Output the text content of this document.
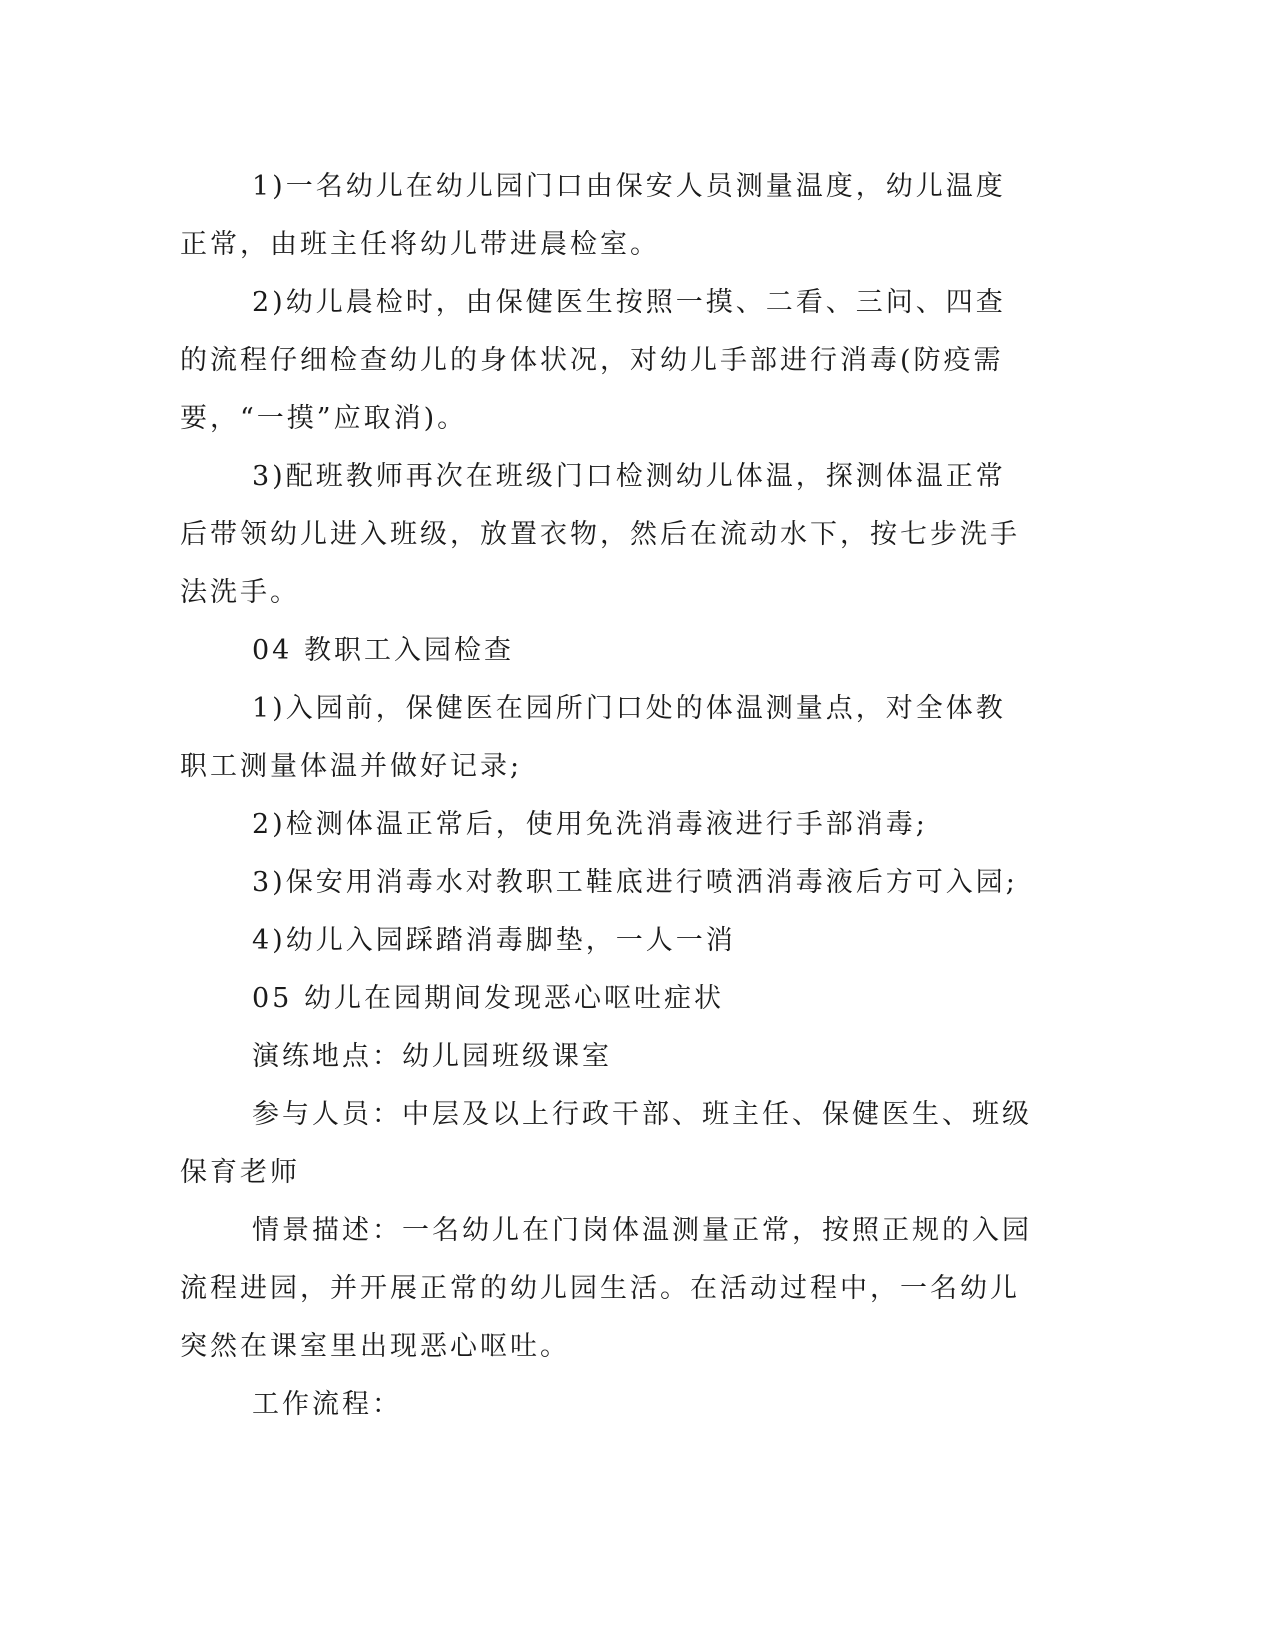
1)一名幼儿在幼儿园门口由保安人员测量温度，幼儿温度正常，由班主任将幼儿带进晨检室。

2)幼儿晨检时，由保健医生按照一摸、二看、三问、四查的流程仔细检查幼儿的身体状况，对幼儿手部进行消毒(防疫需要，“一摸”应取消)。

3)配班教师再次在班级门口检测幼儿体温，探测体温正常后带领幼儿进入班级，放置衣物，然后在流动水下，按七步洗手法洗手。

04 教职工入园检查

1)入园前，保健医在园所门口处的体温测量点，对全体教职工测量体温并做好记录;

2)检测体温正常后，使用免洗消毒液进行手部消毒;

3)保安用消毒水对教职工鞋底进行喷洒消毒液后方可入园;

4)幼儿入园踩踏消毒脚垫，一人一消

05 幼儿在园期间发现恶心呕吐症状

演练地点：幼儿园班级课室

参与人员：中层及以上行政干部、班主任、保健医生、班级保育老师

情景描述：一名幼儿在门岗体温测量正常，按照正规的入园流程进园，并开展正常的幼儿园生活。在活动过程中，一名幼儿突然在课室里出现恶心呕吐。

工作流程：
